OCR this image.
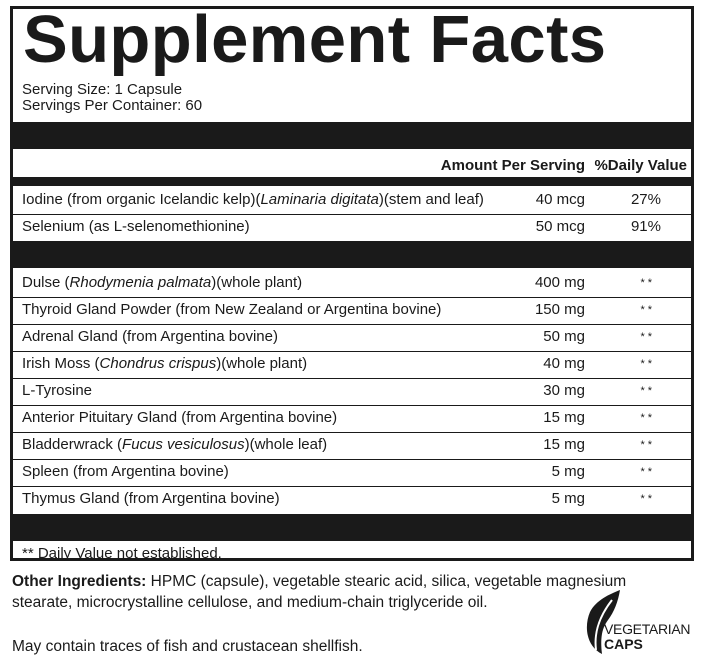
Supplement Facts
Serving Size: 1 Capsule
Servings Per Container: 60
Amount Per Serving %Daily Value
Iodine (from organic Icelandic kelp)(Laminaria digitata)(stem and leaf)	40 mcg	27%
Selenium (as L-selenomethionine)	50 mcg	91%
Dulse (Rhodymenia palmata)(whole plant)	400 mg	**
Thyroid Gland Powder (from New Zealand or Argentina bovine)	150 mg	**
Adrenal Gland (from Argentina bovine)	50 mg	**
Irish Moss (Chondrus crispus)(whole plant)	40 mg	**
L-Tyrosine	30 mg	**
Anterior Pituitary Gland (from Argentina bovine)	15 mg	**
Bladderwrack (Fucus vesiculosus)(whole leaf)	15 mg	**
Spleen (from Argentina bovine)	5 mg	**
Thymus Gland (from Argentina bovine)	5 mg	**
** Daily Value not established.
Other Ingredients: HPMC (capsule), vegetable stearic acid, silica, vegetable magnesium stearate, microcrystalline cellulose, and medium-chain triglyceride oil.
May contain traces of fish and crustacean shellfish.
VEGETARIAN
CAPS
